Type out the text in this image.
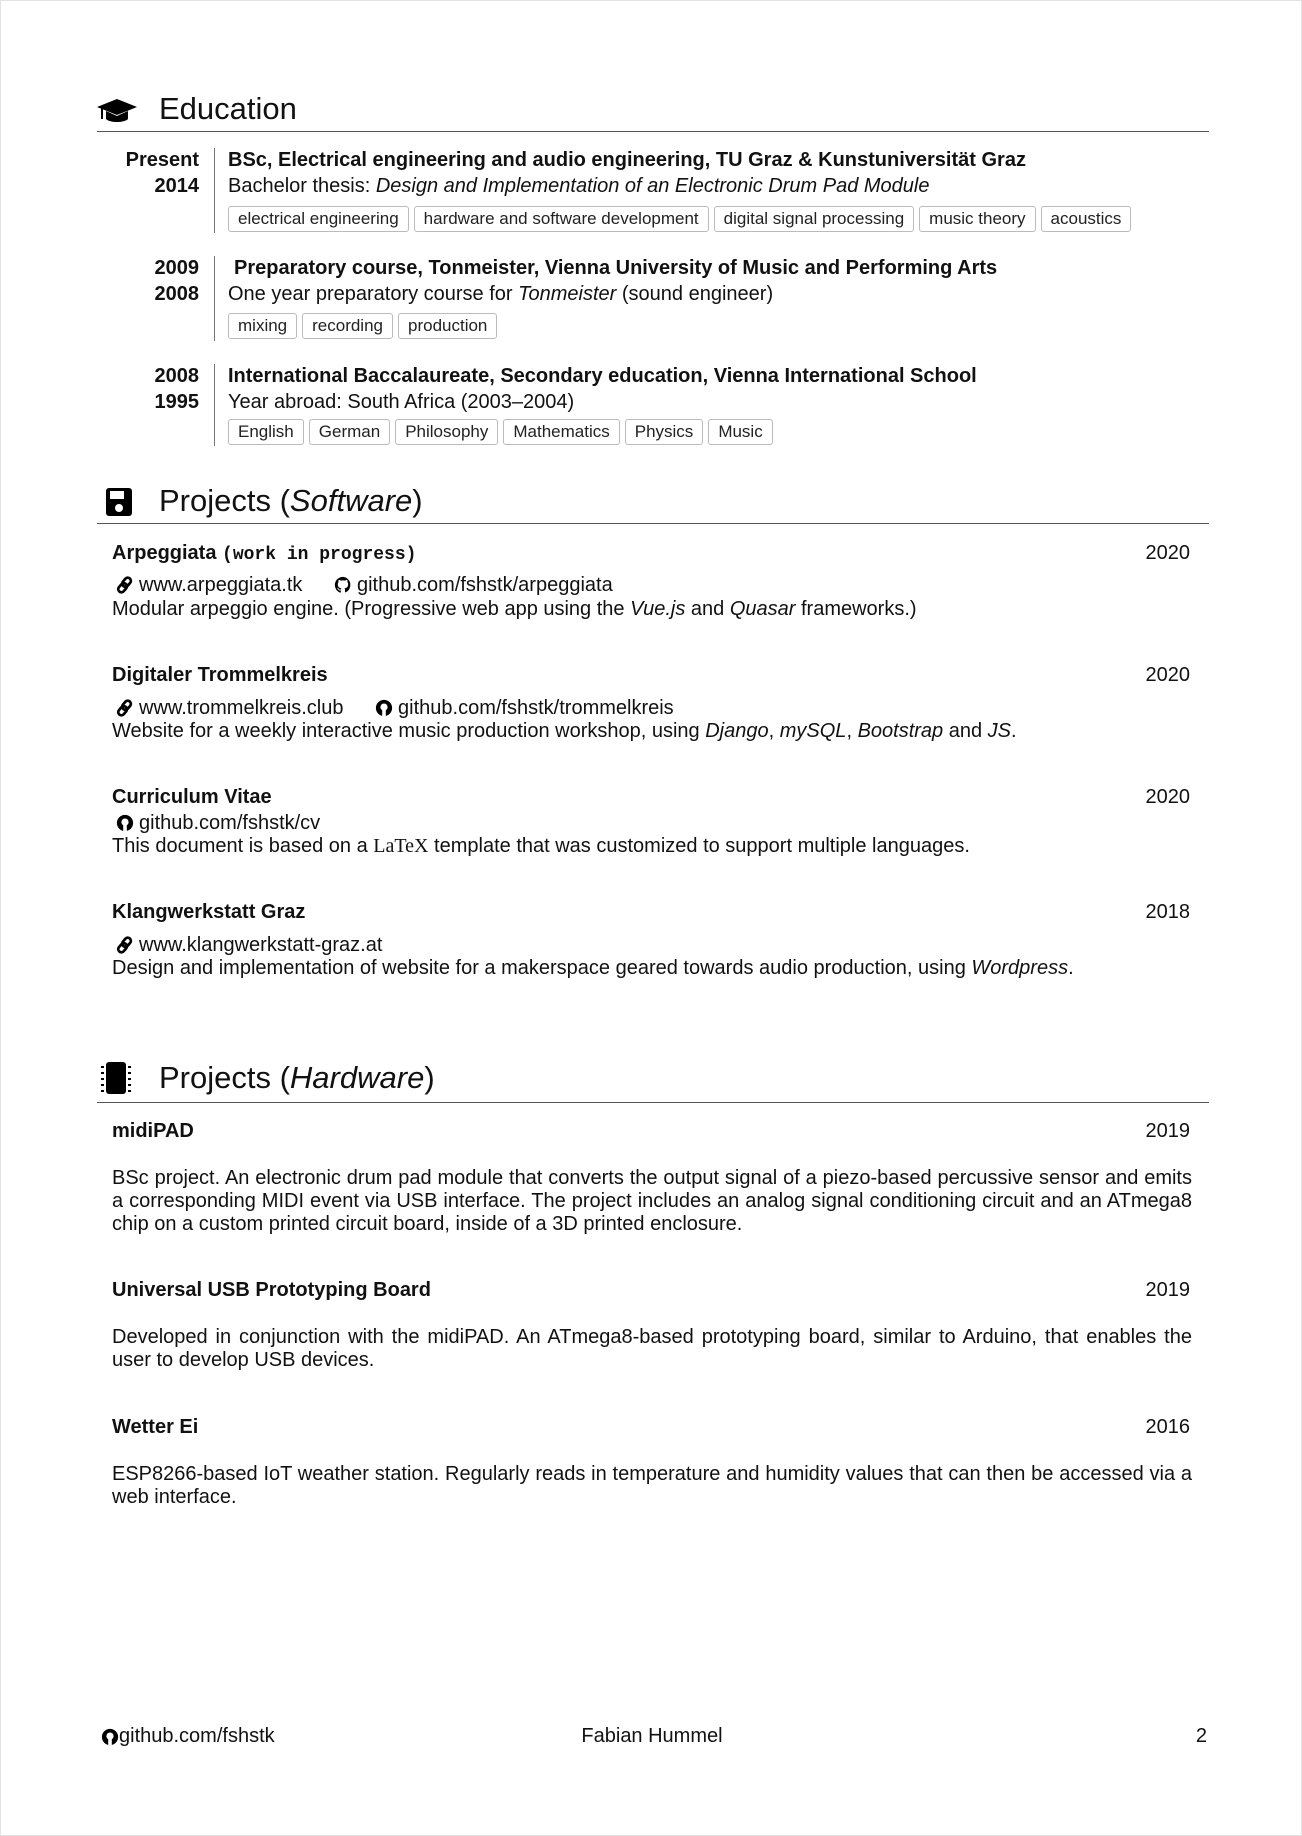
Education
Present
2014
BSc, Electrical engineering and audio engineering, TU Graz & Kunstuniversität Graz
Bachelor thesis: Design and Implementation of an Electronic Drum Pad Module
electrical engineering	hardware and software development	digital signal processing	music theory	acoustics
2009
2008
Preparatory course, Tonmeister, Vienna University of Music and Performing Arts
One year preparatory course for Tonmeister (sound engineer)
mixing	recording	production
2008
1995
International Baccalaureate, Secondary education, Vienna International School
Year abroad: South Africa (2003–2004)
English	German	Philosophy	Mathematics	Physics	Music
Projects (Software)
Arpeggiata (work in progress)	2020
www.arpeggiata.tk
	github.com/fshstk/arpeggiata
Modular arpeggio engine. (Progressive web app using the Vue.js and Quasar frameworks.)
Digitaler Trommelkreis	2020
www.trommelkreis.club
	github.com/fshstk/trommelkreis
Website for a weekly interactive music production workshop, using Django, mySQL, Bootstrap and JS.
Curriculum Vitae	2020
github.com/fshstk/cv
This document is based on a LaTeX template that was customized to support multiple languages.
Klangwerkstatt Graz	2018
www.klangwerkstatt-graz.at
Design and implementation of website for a makerspace geared towards audio production, using Wordpress.
Projects (Hardware)
midiPAD	2019
BSc project. An electronic drum pad module that converts the output signal of a piezo-based percussive sensor and emits a corresponding MIDI event via USB interface. The project includes an analog signal conditioning circuit and an ATmega8 chip on a custom printed circuit board, inside of a 3D printed enclosure.
Universal USB Prototyping Board	2019
Developed in conjunction with the midiPAD. An ATmega8-based prototyping board, similar to Arduino, that enables the user to develop USB devices.
Wetter Ei	2016
ESP8266-based IoT weather station. Regularly reads in temperature and humidity values that can then be accessed via a web interface.
github.com/fshstk	Fabian Hummel	2
